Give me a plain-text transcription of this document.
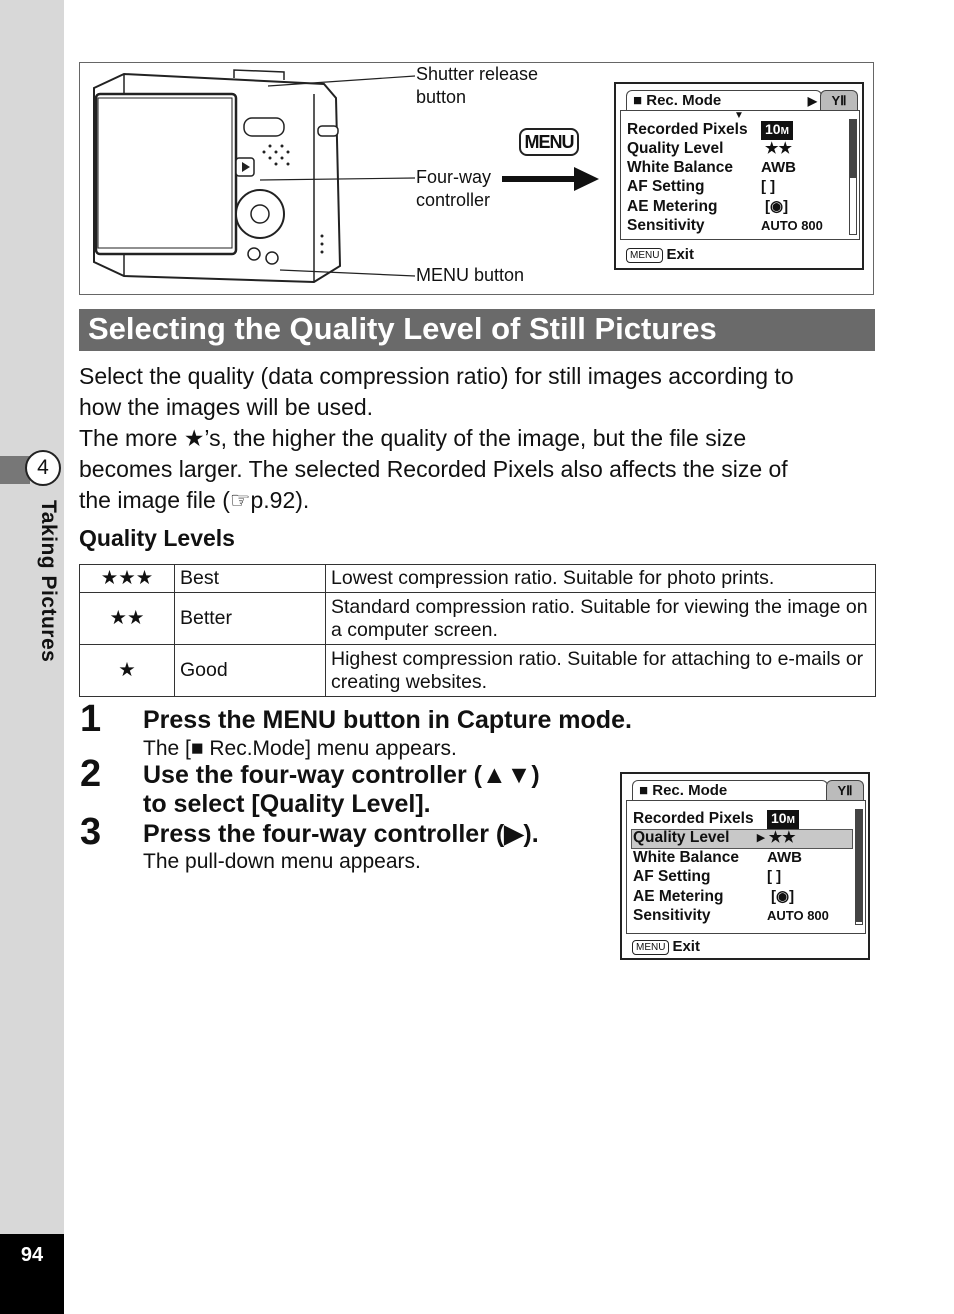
4
Taking Pictures
94
Shutter release
button
Four-way
controller
MENU button
MENU
■ Rec. Mode	▶	YⅡ
▼
Recorded Pixels 10M
Quality Level	★★
White Balance AWB
AF Setting	[ ]
AE Metering	[◉]
Sensitivity	AUTO 800
MENU Exit
Selecting the Quality Level of Still Pictures
Select the quality (data compression ratio) for still images according to
how the images will be used.
The more ★’s, the higher the quality of the image, but the file size
becomes larger. The selected Recorded Pixels also affects the size of
the image file (☞p.92).
Quality Levels
★★★	Best	Lowest compression ratio. Suitable for photo prints.
★★	Better	Standard compression ratio. Suitable for viewing the image on a computer screen.
★	Good	Highest compression ratio. Suitable for attaching to e-mails or creating websites.
1 Press the MENU button in Capture mode.
The [■ Rec.Mode] menu appears.
2 Use the four-way controller (▲▼)
to select [Quality Level].
3 Press the four-way controller (▶).
The pull-down menu appears.
■ Rec. Mode	YⅡ
Recorded Pixels 10M
Quality Level ▸ ★★
White Balance AWB
AF Setting	[ ]
AE Metering	[◉]
Sensitivity	AUTO 800
MENU Exit
